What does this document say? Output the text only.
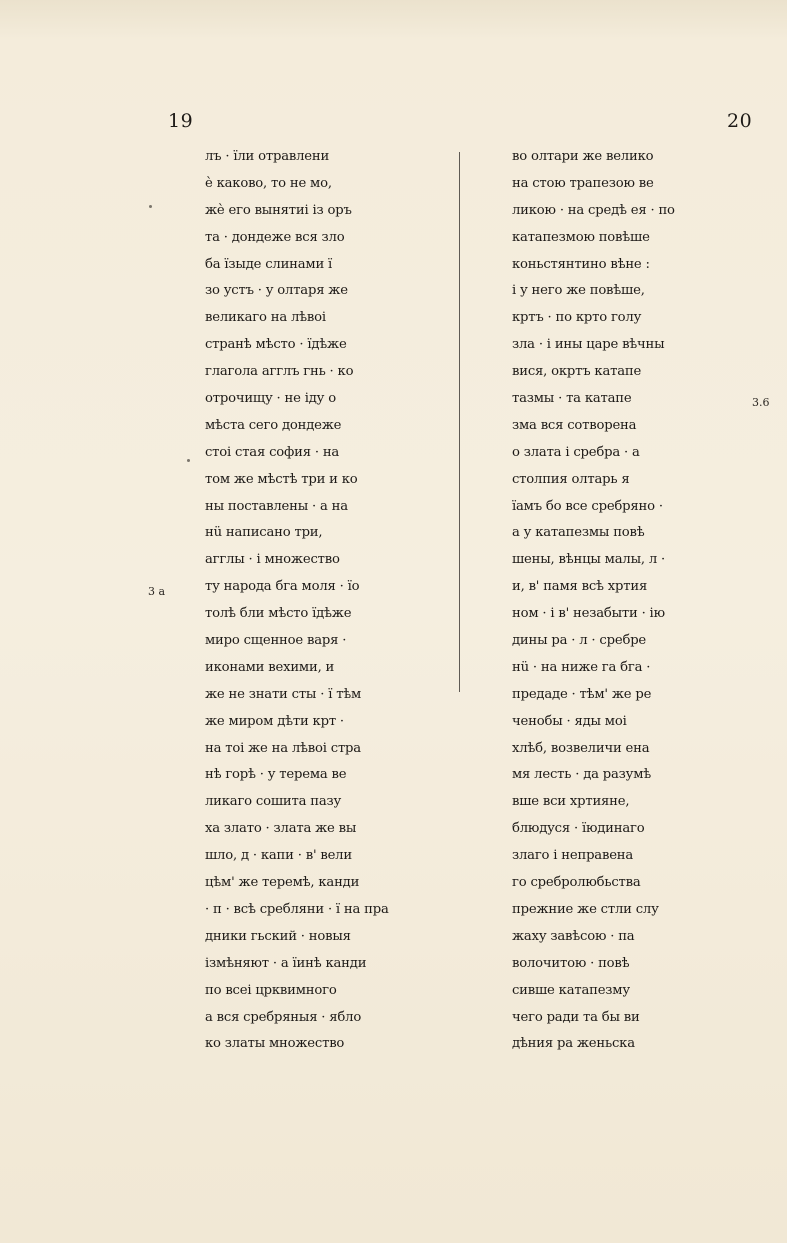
19	20
3 a
3.6
лъ · їли отравлени
ѐ каково, то не мо,
жѐ его вынятиі із оръ
та · дондеже вся зло
ба їзыде слинами ї
зо устъ · у олтаря же
великаго на лѣвоі
странѣ мѣсто · їдѣже
глагола агглъ гнь · ко
отрочищу · не іду о
мѣста сего дондеже
стоі стая софия · на
том же мѣстѣ три и ко
ны поставлены · а на
нü написано три,
агглы · і множество
ту народа бга моля · їо
толѣ бли мѣсто їдѣже
миро сщенное варя ·
иконами вехими, и
же не знати сты · ї тѣм
же миром дѣти крт ·
на тоі же на лѣвоі стра
нѣ горѣ · у терема ве
ликаго сошита пазу
ха злато · злата же вы
шло, д · капи · в' вели
цѣм' же теремѣ, канди
· п · всѣ сребляни · ї на пра
дники гьский · новыя
ізмѣняют · а їинѣ канди
по всеі црквимного
а вся сребряныя · ябло
ко златы множество
во олтари же велико
на стою трапезою ве
ликою · на средѣ ея · по
катапезмою повѣше
коньстянтино вѣне :
і у него же повѣше,
кртъ · по крто голу
зла · і ины царе вѣчны
вися, окртъ катапе
тазмы · та катапе
зма вся сотворена
о злата і сребра · а
столпия олтарь я
їамъ бо все сребряно ·
а у катапезмы повѣ
шены, вѣнцы малы, л ·
и, в' памя всѣ хртия
ном · і в' незабыти · ію
дины ра · л · сребре
нü · на ниже га бга ·
предаде · тѣм' же ре
ченобы · яды моі
хлѣб, возвеличи ена
мя лесть · да разумѣ
вше вси хртияне,
блюдуся · їюдинаго
злаго і неправена
го сребролюбьства
прежние же стли слу
жаху завѣсою · па
волочитою · повѣ
сивше катапезму
чего ради та бы ви
дѣния ра женьска
